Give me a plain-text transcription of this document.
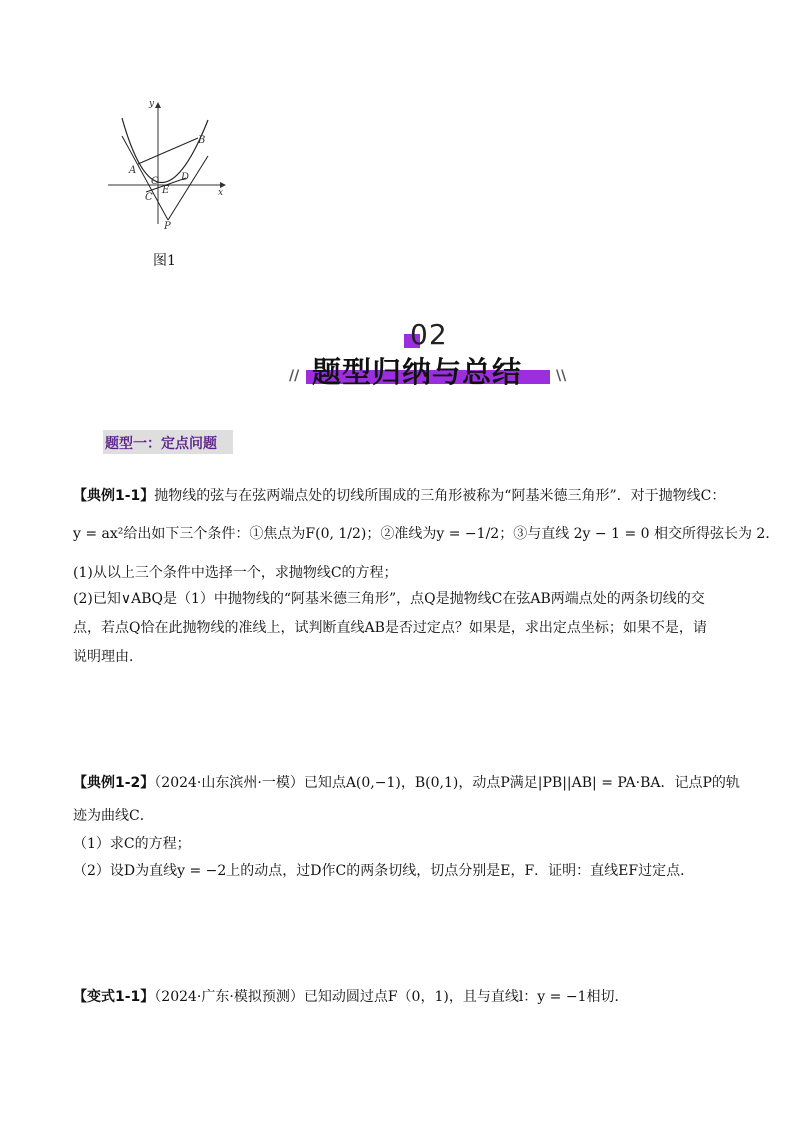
y
x
B
A
O
E
D
C
P
图1
02
题型归纳与总结
//	\\
题型一：定点问题
【典例1-1】抛物线的弦与在弦两端点处的切线所围成的三角形被称为“阿基米德三角形”．对于抛物线C：
y = ax²给出如下三个条件：①焦点为F(0, 1/2)；②准线为y = −1/2；③与直线 2y − 1 = 0 相交所得弦长为 2．
(1)从以上三个条件中选择一个，求抛物线C的方程；
(2)已知∨ABQ是（1）中抛物线的“阿基米德三角形”，点Q是抛物线C在弦AB两端点处的两条切线的交
点，若点Q恰在此抛物线的准线上，试判断直线AB是否过定点？如果是，求出定点坐标；如果不是，请
说明理由．
【典例1-2】（2024·山东滨州·一模）已知点A(0,−1)，B(0,1)，动点P满足|PB||AB| = PA·BA．记点P的轨
迹为曲线C．
（1）求C的方程；
（2）设D为直线y = −2上的动点，过D作C的两条切线，切点分别是E，F．证明：直线EF过定点．
【变式1-1】（2024·广东·模拟预测）已知动圆过点F（0，1)，且与直线l：y = −1相切．
